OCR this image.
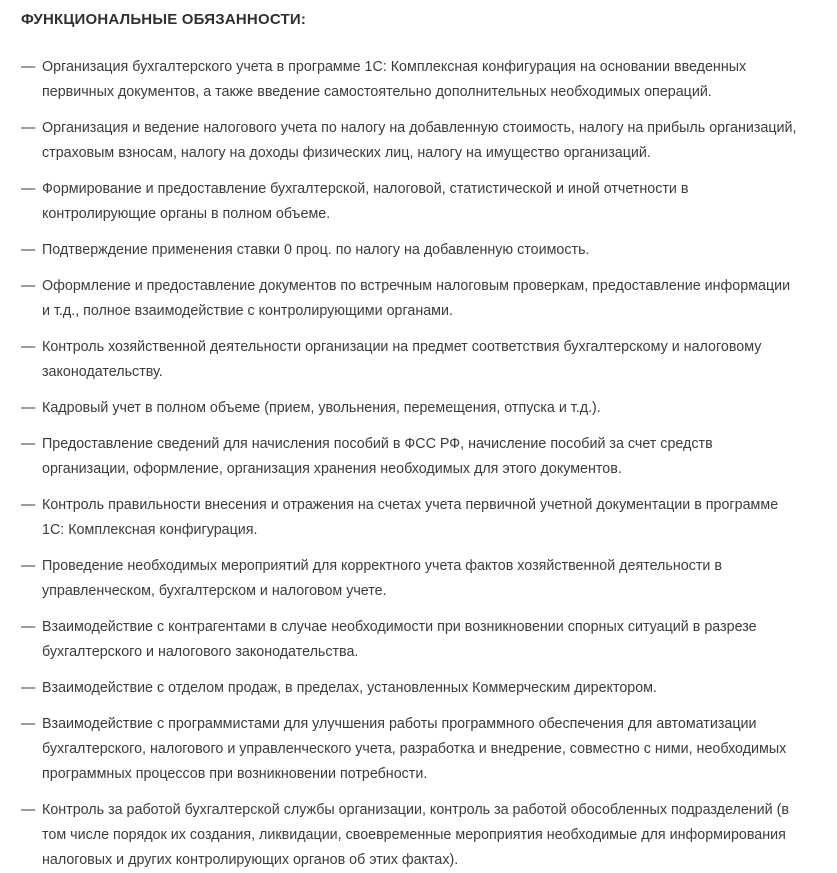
ФУНКЦИОНАЛЬНЫЕ ОБЯЗАННОСТИ:
— Организация бухгалтерского учета в программе 1С: Комплексная конфигурация на основании введенных первичных документов, а также введение самостоятельно дополнительных необходимых операций.
— Организация и ведение налогового учета по налогу на добавленную стоимость, налогу на прибыль организаций, страховым взносам, налогу на доходы физических лиц, налогу на имущество организаций.
— Формирование и предоставление бухгалтерской, налоговой, статистической и иной отчетности в контролирующие органы в полном объеме.
— Подтверждение применения ставки 0 проц. по налогу на добавленную стоимость.
— Оформление и предоставление документов по встречным налоговым проверкам, предоставление информации и т.д., полное взаимодействие с контролирующими органами.
— Контроль хозяйственной деятельности организации на предмет соответствия бухгалтерскому и налоговому законодательству.
— Кадровый учет в полном объеме (прием, увольнения, перемещения, отпуска и т.д.).
— Предоставление сведений для начисления пособий в ФСС РФ, начисление пособий за счет средств организации, оформление, организация хранения необходимых для этого документов.
— Контроль правильности внесения и отражения на счетах учета первичной учетной документации в программе 1С: Комплексная конфигурация.
— Проведение необходимых мероприятий для корректного учета фактов хозяйственной деятельности в управленческом, бухгалтерском и налоговом учете.
— Взаимодействие с контрагентами в случае необходимости при возникновении спорных ситуаций в разрезе бухгалтерского и налогового законодательства.
— Взаимодействие с отделом продаж, в пределах, установленных Коммерческим директором.
— Взаимодействие с программистами для улучшения работы программного обеспечения для автоматизации бухгалтерского, налогового и управленческого учета, разработка и внедрение, совместно с ними, необходимых программных процессов при возникновении потребности.
— Контроль за работой бухгалтерской службы организации, контроль за работой обособленных подразделений (в том числе порядок их создания, ликвидации, своевременные мероприятия необходимые для информирования налоговых и других контролирующих органов об этих фактах).
